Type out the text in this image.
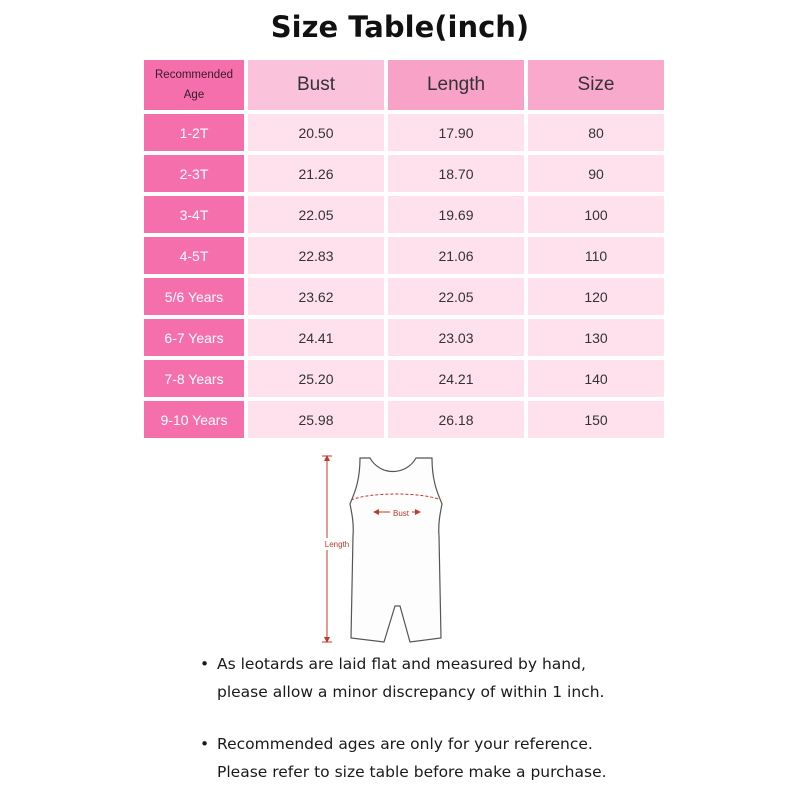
Size Table(inch)
Recommended Age	Bust	Length	Size
1-2T	20.50	17.90	80
2-3T	21.26	18.70	90
3-4T	22.05	19.69	100
4-5T	22.83	21.06	110
5/6 Years	23.62	22.05	120
6-7 Years	24.41	23.03	130
7-8 Years	25.20	24.21	140
9-10 Years	25.98	26.18	150
Bust
Length
• As leotards are laid flat and measured by hand, please allow a minor discrepancy of within 1 inch.
• Recommended ages are only for your reference. Please refer to size table before make a purchase.
